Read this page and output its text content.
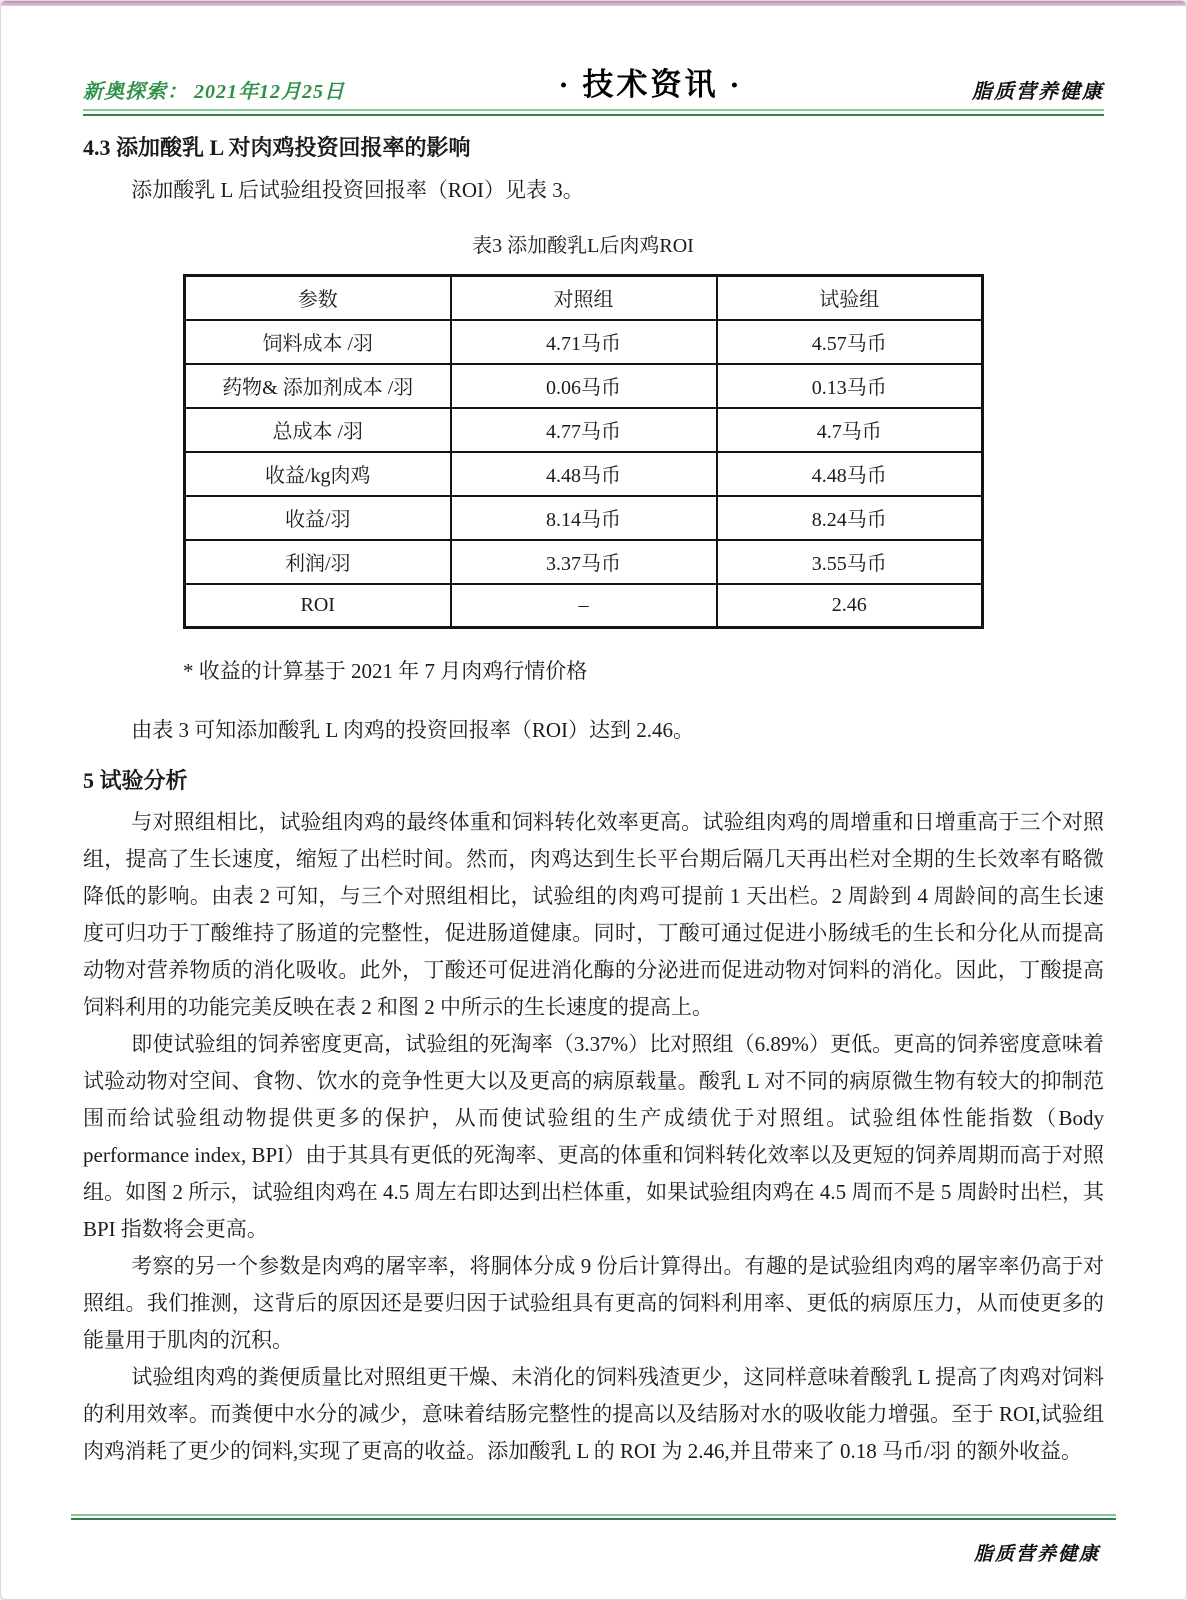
新奥探索： 2021年12月25日	· 技术资讯 ·	脂质营养健康
4.3 添加酸乳 L 对肉鸡投资回报率的影响

添加酸乳 L 后试验组投资回报率（ROI）见表 3。

表3 添加酸乳L后肉鸡ROI
参数	对照组	试验组
饲料成本 /羽	4.71马币	4.57马币
药物& 添加剂成本 /羽	0.06马币	0.13马币
总成本 /羽	4.77马币	4.7马币
收益/kg肉鸡	4.48马币	4.48马币
收益/羽	8.14马币	8.24马币
利润/羽	3.37马币	3.55马币
ROI	–	2.46

* 收益的计算基于 2021 年 7 月肉鸡行情价格

由表 3 可知添加酸乳 L 肉鸡的投资回报率（ROI）达到 2.46。

5 试验分析

与对照组相比，试验组肉鸡的最终体重和饲料转化效率更高。试验组肉鸡的周增重和日增重高于三个对照组，提高了生长速度，缩短了出栏时间。然而，肉鸡达到生长平台期后隔几天再出栏对全期的生长效率有略微降低的影响。由表 2 可知，与三个对照组相比，试验组的肉鸡可提前 1 天出栏。2 周龄到 4 周龄间的高生长速度可归功于丁酸维持了肠道的完整性，促进肠道健康。同时，丁酸可通过促进小肠绒毛的生长和分化从而提高动物对营养物质的消化吸收。此外，丁酸还可促进消化酶的分泌进而促进动物对饲料的消化。因此，丁酸提高饲料利用的功能完美反映在表 2 和图 2 中所示的生长速度的提高上。

即使试验组的饲养密度更高，试验组的死淘率（3.37%）比对照组（6.89%）更低。更高的饲养密度意味着试验动物对空间、食物、饮水的竞争性更大以及更高的病原载量。酸乳 L 对不同的病原微生物有较大的抑制范围而给试验组动物提供更多的保护，从而使试验组的生产成绩优于对照组。试验组体性能指数（Body performance index, BPI）由于其具有更低的死淘率、更高的体重和饲料转化效率以及更短的饲养周期而高于对照组。如图 2 所示，试验组肉鸡在 4.5 周左右即达到出栏体重，如果试验组肉鸡在 4.5 周而不是 5 周龄时出栏，其 BPI 指数将会更高。

考察的另一个参数是肉鸡的屠宰率，将胴体分成 9 份后计算得出。有趣的是试验组肉鸡的屠宰率仍高于对照组。我们推测，这背后的原因还是要归因于试验组具有更高的饲料利用率、更低的病原压力，从而使更多的能量用于肌肉的沉积。

试验组肉鸡的粪便质量比对照组更干燥、未消化的饲料残渣更少，这同样意味着酸乳 L 提高了肉鸡对饲料的利用效率。而粪便中水分的减少，意味着结肠完整性的提高以及结肠对水的吸收能力增强。至于 ROI,试验组肉鸡消耗了更少的饲料,实现了更高的收益。添加酸乳 L 的 ROI 为 2.46,并且带来了 0.18 马币/羽 的额外收益。

脂质营养健康
